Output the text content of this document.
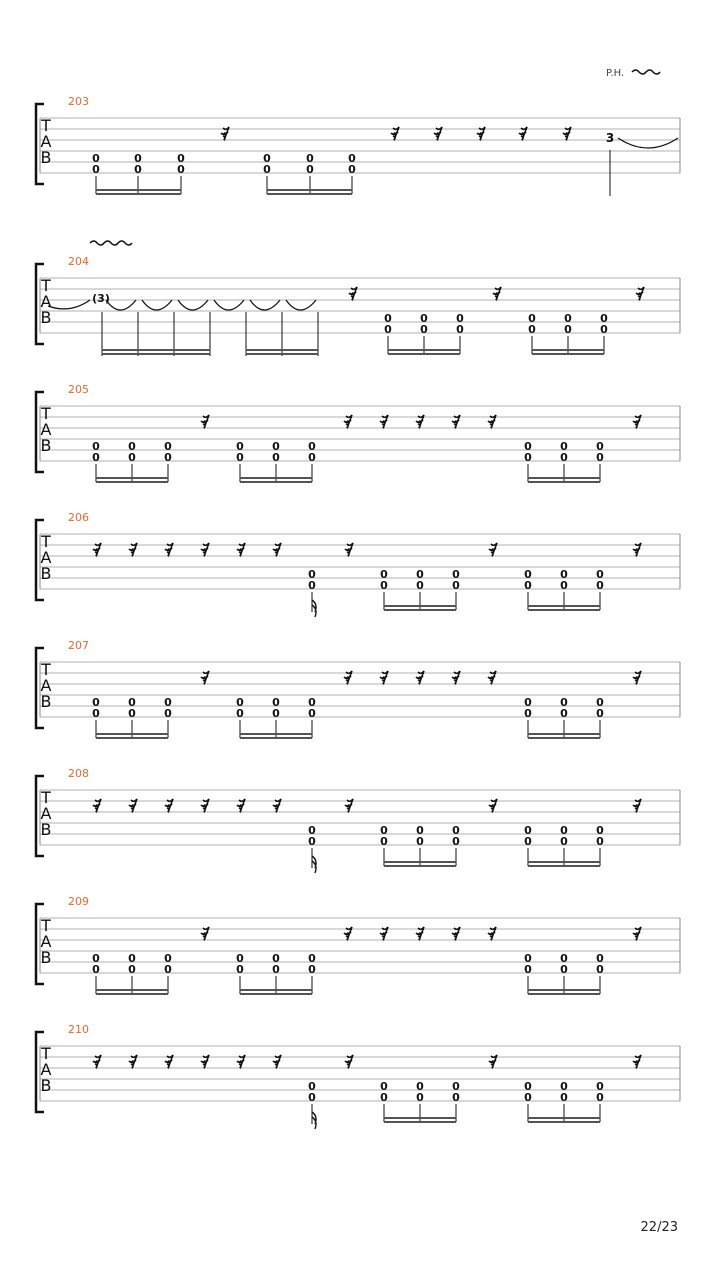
T
A
B
203
0
0
0
0
0
0
𝄿
0
0
0
0
0
0
𝄿	𝄿	𝄿 𝄿	𝄿	3
T
A
B
204
(3)	𝄿
0
0
0
0
0
0
𝄿
0
0
0
0
0
0
𝄿
T
A
B
205
0
0
0
0
0
0
𝄿
0
0
0
0
0
0
𝄿 𝄿 𝄿 𝄿 𝄿
0
0
0
0
0
0
𝄿
T
A
B
206
𝄿 𝄿 𝄿 𝄿 𝄿 𝄿
0
0
𝄿
0
0
0
0
0
0
𝄿
0
0
0
0
0
0
𝄿
T
A
B
207
0
0
0
0
0
0
𝄿
0
0
0
0
0
0
𝄿 𝄿 𝄿 𝄿 𝄿
0
0
0
0
0
0
𝄿
T
A
B
208
𝄿 𝄿 𝄿 𝄿 𝄿 𝄿
0
0
𝄿
0
0
0
0
0
0
𝄿
0
0
0
0
0
0
𝄿
T
A
B
209
0
0
0
0
0
0
𝄿
0
0
0
0
0
0
𝄿 𝄿 𝄿 𝄿 𝄿
0
0
0
0
0
0
𝄿
T
A
B
210
𝄿 𝄿 𝄿 𝄿 𝄿 𝄿
0
0
𝄿
0
0
0
0
0
0
𝄿
0
0
0
0
0
0
𝄿
P.H.
22/23
